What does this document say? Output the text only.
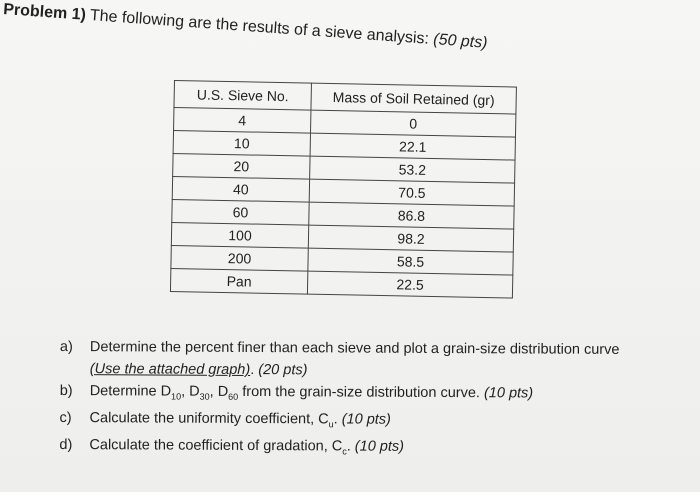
Problem 1) The following are the results of a sieve analysis: (50 pts)
U.S. Sieve No.	Mass of Soil Retained (gr)
4	0
10	22.1
20	53.2
40	70.5
60	86.8
100	98.2
200	58.5
Pan	22.5
a) Determine the percent finer than each sieve and plot a grain-size distribution curve
(Use the attached graph). (20 pts)
b) Determine $D_{10}$, $D_{30}$, $D_{60}$ from the grain-size distribution curve. (10 pts)
c) Calculate the uniformity coefficient, $C_u$. (10 pts)
d) Calculate the coefficient of gradation, $C_c$. (10 pts)
